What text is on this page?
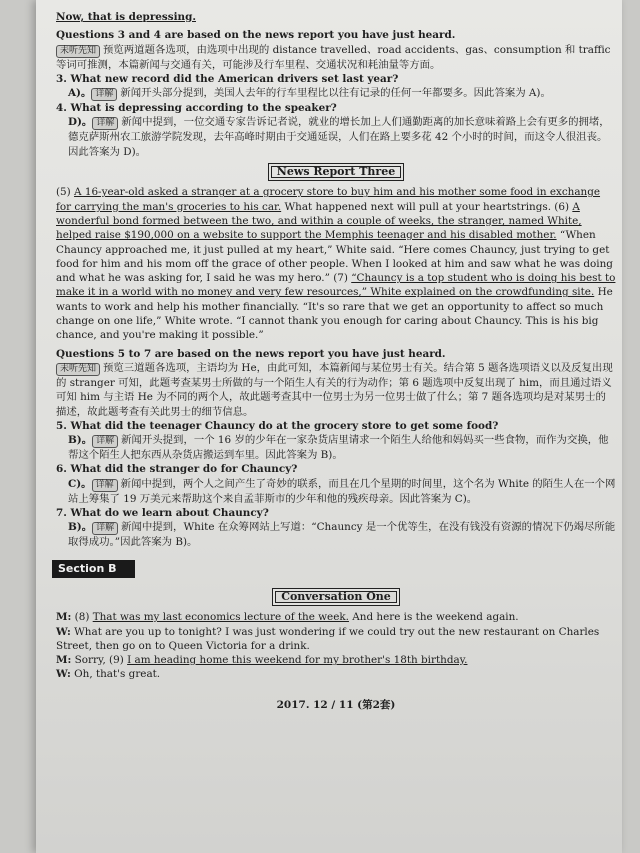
Now, that is depressing.

Questions 3 and 4 are based on the news report you have just heard.

未听先知 预览两道题各选项，由选项中出现的 distance travelled、road accidents、gas、consumption 和 traffic 等词可推测，本篇新闻与交通有关，可能涉及行车里程、交通状况和耗油量等方面。

3. What new record did the American drivers set last year?

A)。 详解 新闻开头部分提到，美国人去年的行车里程比以往有记录的任何一年都要多。因此答案为 A)。

4. What is depressing according to the speaker?

D)。 详解 新闻中提到，一位交通专家告诉记者说，就业的增长加上人们通勤距离的加长意味着路上会有更多的拥堵，德克萨斯州农工旅游学院发现，去年高峰时期由于交通延误，人们在路上要多花 42 个小时的时间，而这令人很沮丧。因此答案为 D)。

News Report Three

(5) A 16-year-old asked a stranger at a grocery store to buy him and his mother some food in exchange for carrying the man's groceries to his car. What happened next will pull at your heartstrings. (6) A wonderful bond formed between the two, and within a couple of weeks, the stranger, named White, helped raise $190,000 on a website to support the Memphis teenager and his disabled mother. “When Chauncy approached me, it just pulled at my heart,” White said. “Here comes Chauncy, just trying to get food for him and his mom off the grace of other people. When I looked at him and saw what he was doing and what he was asking for, I said he was my hero.” (7) “Chauncy is a top student who is doing his best to make it in a world with no money and very few resources,” White explained on the crowdfunding site. He wants to work and help his mother financially. “It's so rare that we get an opportunity to affect so much change on one life,” White wrote. “I cannot thank you enough for caring about Chauncy. This is his big chance, and you're making it possible.”

Questions 5 to 7 are based on the news report you have just heard.

未听先知 预览三道题各选项，主语均为 He，由此可知，本篇新闻与某位男士有关。结合第 5 题各选项语义以及反复出现的 stranger 可知，此题考查某男士所做的与一个陌生人有关的行为动作；第 6 题选项中反复出现了 him，而且通过语义可知 him 与主语 He 为不同的两个人，故此题考查其中一位男士为另一位男士做了什么；第 7 题各选项均是对某男士的描述，故此题考查有关此男士的细节信息。

5. What did the teenager Chauncy do at the grocery store to get some food?

B)。 详解 新闻开头提到，一个 16 岁的少年在一家杂货店里请求一个陌生人给他和妈妈买一些食物，而作为交换，他帮这个陌生人把东西从杂货店搬运到车里。因此答案为 B)。

6. What did the stranger do for Chauncy?

C)。 详解 新闻中提到，两个人之间产生了奇妙的联系，而且在几个星期的时间里，这个名为 White 的陌生人在一个网站上筹集了 19 万美元来帮助这个来自孟菲斯市的少年和他的残疾母亲。因此答案为 C)。

7. What do we learn about Chauncy?

B)。 详解 新闻中提到，White 在众筹网站上写道：“Chauncy 是一个优等生，在没有钱没有资源的情况下仍竭尽所能取得成功。”因此答案为 B)。

Section B
Conversation One

M: (8) That was my last economics lecture of the week. And here is the weekend again.

W: What are you up to tonight? I was just wondering if we could try out the new restaurant on Charles Street, then go on to Queen Victoria for a drink.

M: Sorry, (9) I am heading home this weekend for my brother's 18th birthday.

W: Oh, that's great.

2017. 12 / 11 (第2套)
